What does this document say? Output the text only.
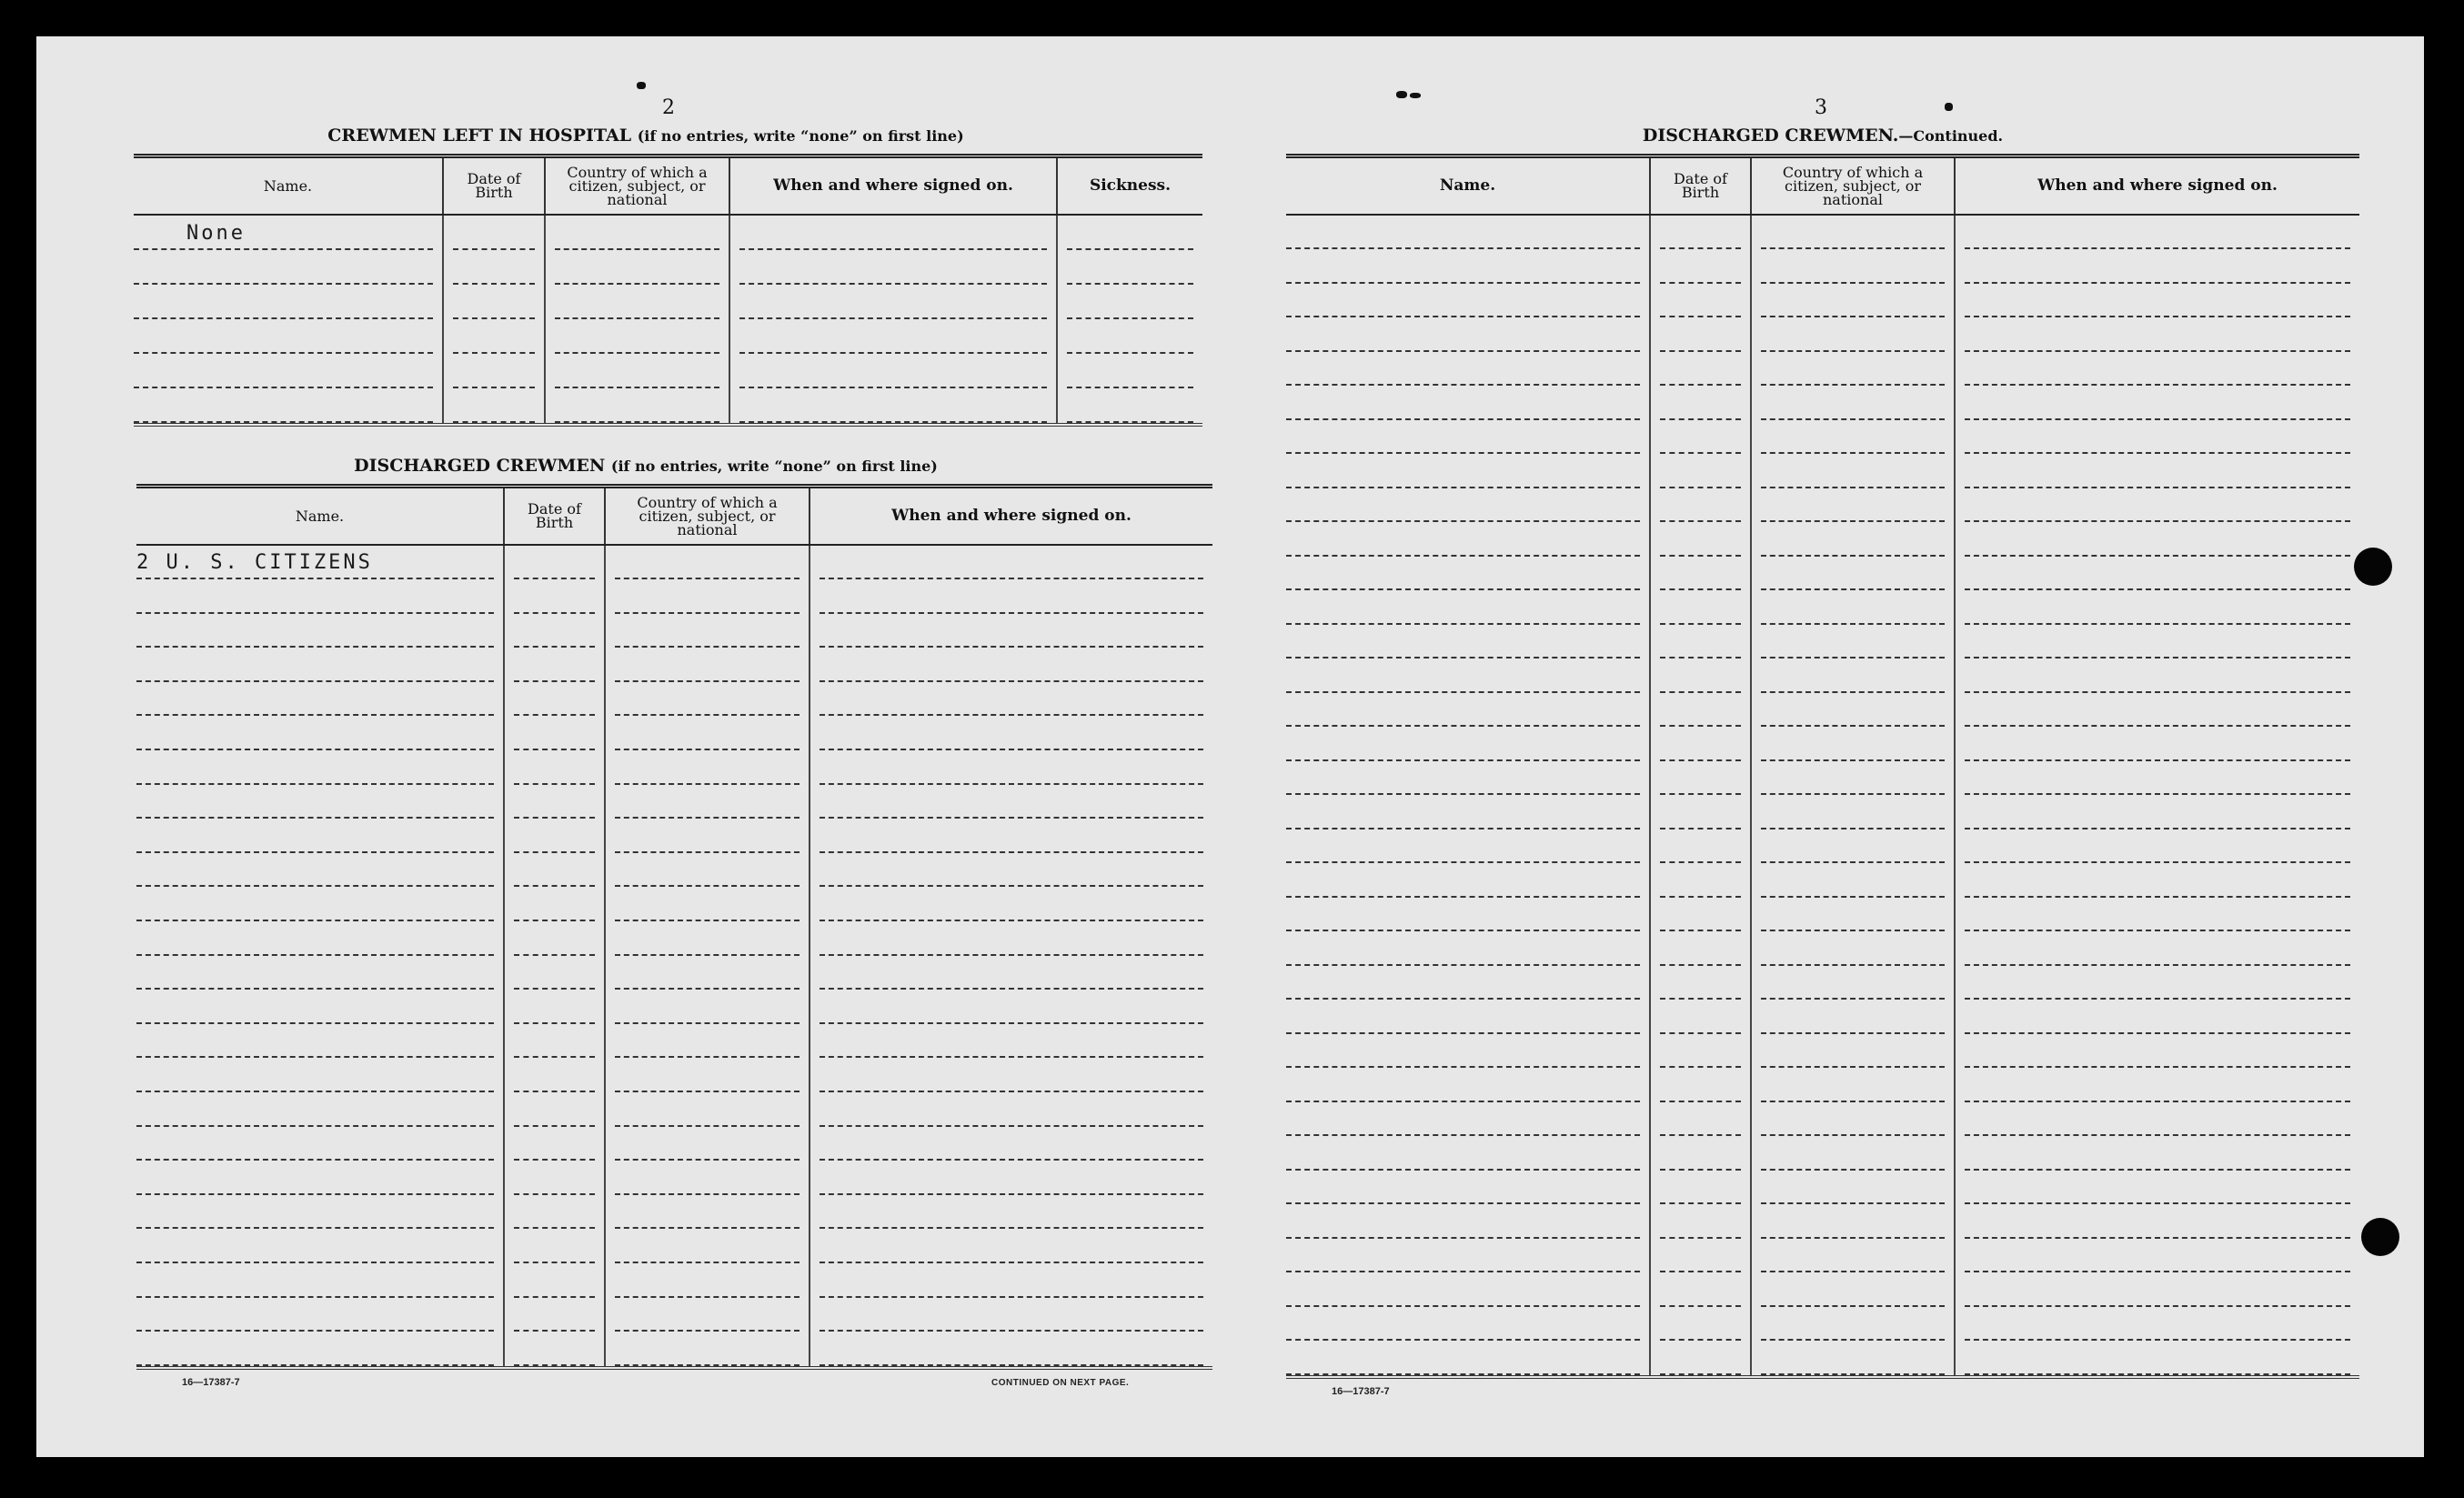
2
CREWMEN LEFT IN HOSPITAL (if no entries, write “none” on first line)
Name.	Date of Birth	Country of which a citizen, subject, or national	When and where signed on.	Sickness.

None				

DISCHARGED CREWMEN (if no entries, write “none” on first line)
Name.	Date of Birth	Country of which a citizen, subject, or national	When and where signed on.

2 U. S. CITIZENS			

16—17387-7	CONTINUED ON NEXT PAGE.
3
DISCHARGED CREWMEN.—Continued.
Name.	Date of Birth	Country of which a citizen, subject, or national	When and where signed on.

16—17387-7
